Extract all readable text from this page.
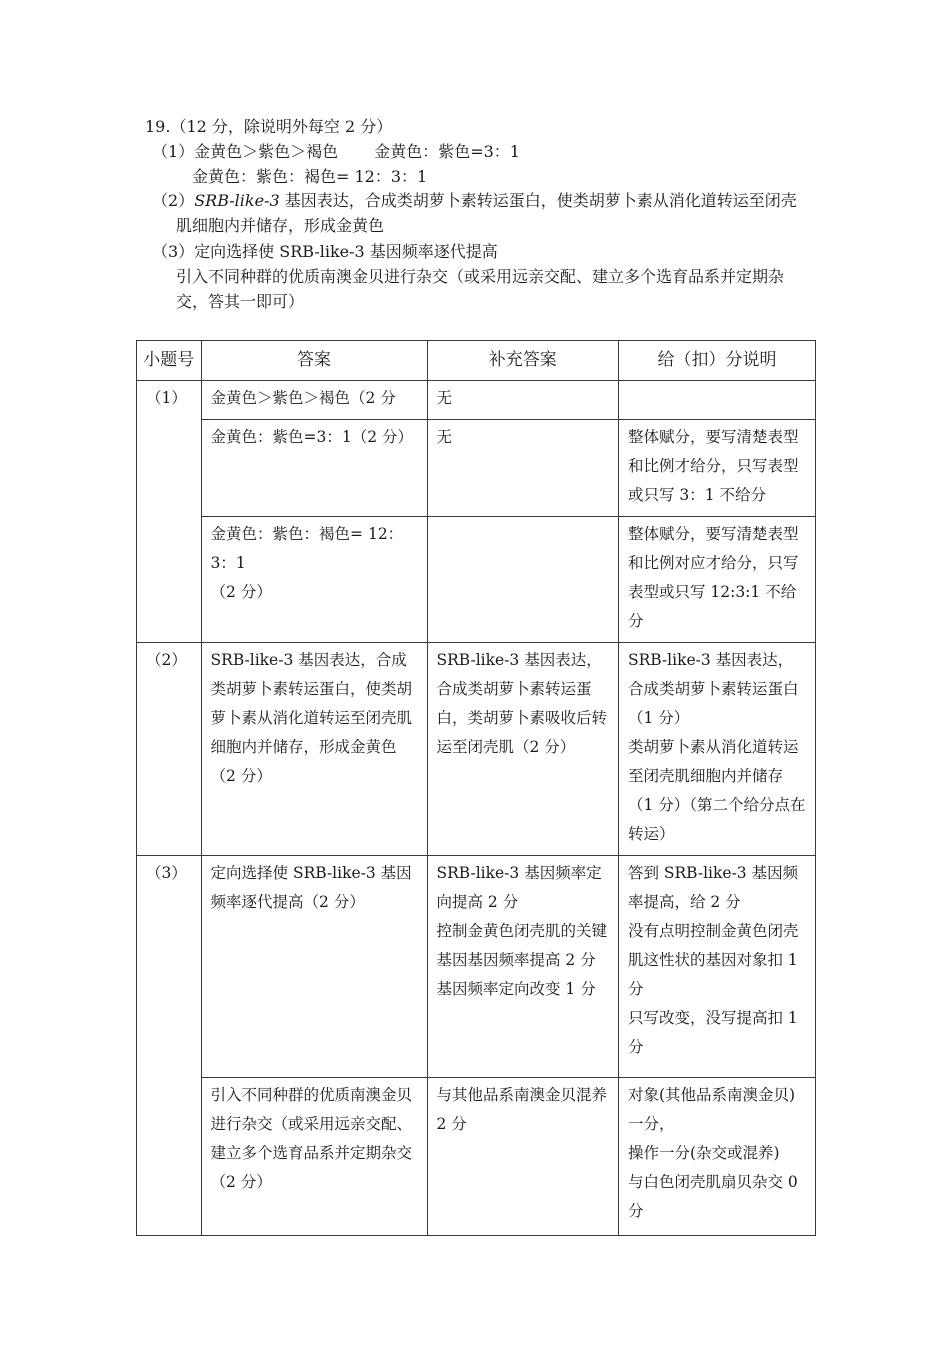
19.（12 分，除说明外每空 2 分）
（1）金黄色＞紫色＞褐色 金黄色：紫色=3：1
金黄色：紫色：褐色= 12：3：1
（2）SRB-like-3 基因表达，合成类胡萝卜素转运蛋白，使类胡萝卜素从消化道转运至闭壳
肌细胞内并储存，形成金黄色
（3）定向选择使 SRB-like-3 基因频率逐代提高
引入不同种群的优质南澳金贝进行杂交（或采用远亲交配、建立多个选育品系并定期杂
交，答其一即可）
小题号	答案	补充答案	给（扣）分说明
（1）	金黄色＞紫色＞褐色（2 分	无	
	金黄色：紫色=3：1（2 分）	无	整体赋分，要写清楚表型和比例才给分，只写表型或只写 3：1 不给分
	金黄色：紫色：褐色= 12：3：1
（2 分）		整体赋分，要写清楚表型和比例对应才给分，只写表型或只写 12:3:1 不给分
（2）	SRB-like-3 基因表达，合成类胡萝卜素转运蛋白，使类胡萝卜素从消化道转运至闭壳肌细胞内并储存，形成金黄色（2 分）	SRB-like-3 基因表达，合成类胡萝卜素转运蛋白，类胡萝卜素吸收后转运至闭壳肌（2 分）	SRB-like-3 基因表达，合成类胡萝卜素转运蛋白（1 分）
类胡萝卜素从消化道转运至闭壳肌细胞内并储存（1 分）（第二个给分点在转运）
（3）	定向选择使 SRB-like-3 基因频率逐代提高（2 分）	SRB-like-3 基因频率定向提高 2 分
控制金黄色闭壳肌的关键基因基因频率提高 2 分
基因频率定向改变 1 分	答到 SRB-like-3 基因频率提高，给 2 分
没有点明控制金黄色闭壳肌这性状的基因对象扣 1 分
只写改变，没写提高扣 1 分
	引入不同种群的优质南澳金贝进行杂交（或采用远亲交配、建立多个选育品系并定期杂交（2 分）	与其他品系南澳金贝混养 2 分	对象(其他品系南澳金贝)一分，
操作一分(杂交或混养)
与白色闭壳肌扇贝杂交 0 分
